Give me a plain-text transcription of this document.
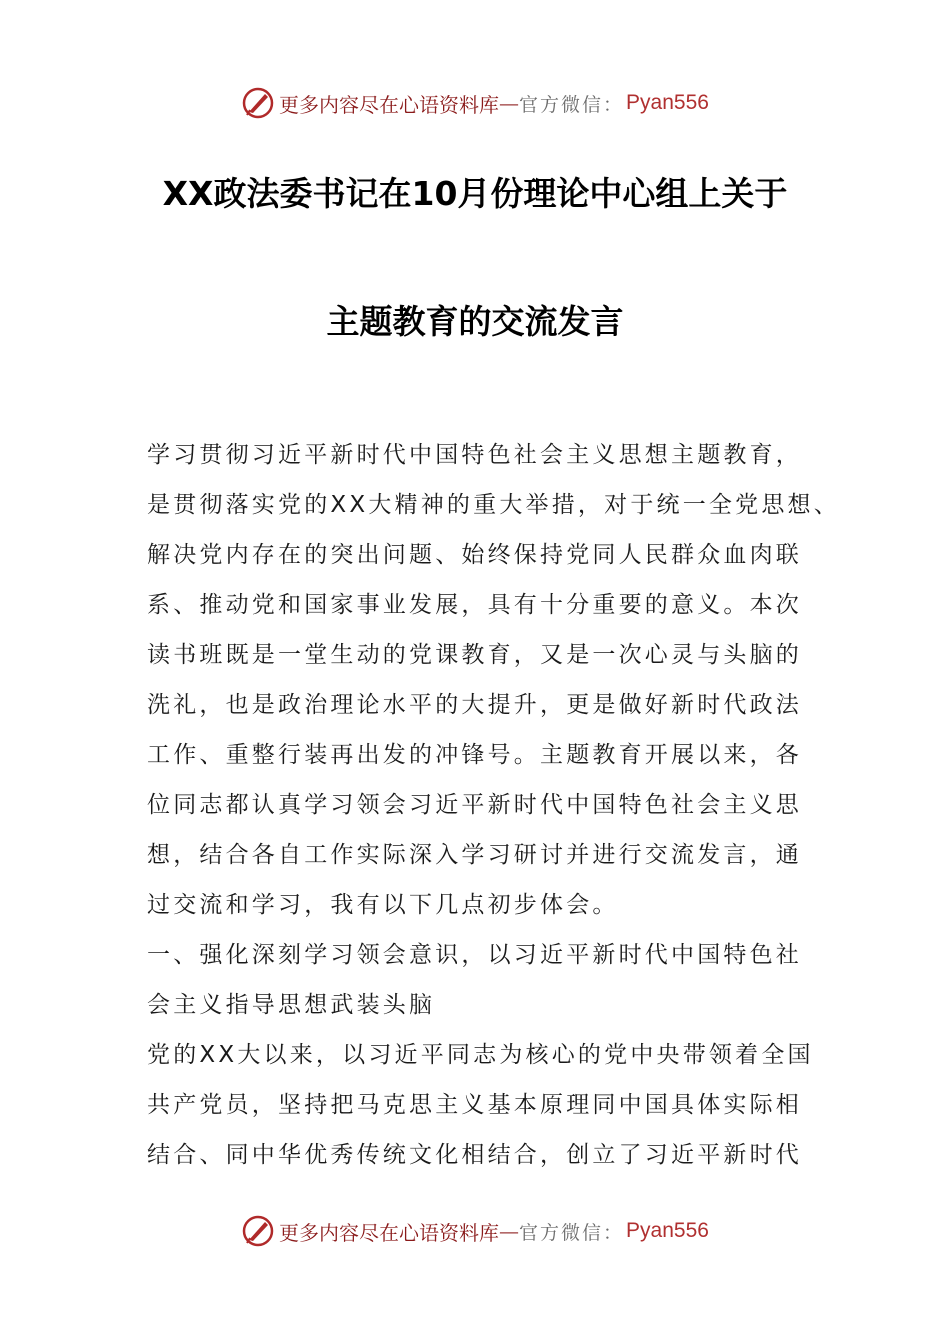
更多内容尽在心语资料库 — 官方微信： Pyan556
XX政法委书记在10月份理论中心组上关于
主题教育的交流发言
学习贯彻习近平新时代中国特色社会主义思想主题教育，
是贯彻落实党的XX大精神的重大举措，对于统一全党思想、
解决党内存在的突出问题、始终保持党同人民群众血肉联
系、推动党和国家事业发展，具有十分重要的意义。本次
读书班既是一堂生动的党课教育，又是一次心灵与头脑的
洗礼，也是政治理论水平的大提升，更是做好新时代政法
工作、重整行装再出发的冲锋号。主题教育开展以来，各
位同志都认真学习领会习近平新时代中国特色社会主义思
想，结合各自工作实际深入学习研讨并进行交流发言，通
过交流和学习，我有以下几点初步体会。
一、强化深刻学习领会意识，以习近平新时代中国特色社
会主义指导思想武装头脑
党的XX大以来，以习近平同志为核心的党中央带领着全国
共产党员，坚持把马克思主义基本原理同中国具体实际相
结合、同中华优秀传统文化相结合，创立了习近平新时代
更多内容尽在心语资料库 — 官方微信： Pyan556
